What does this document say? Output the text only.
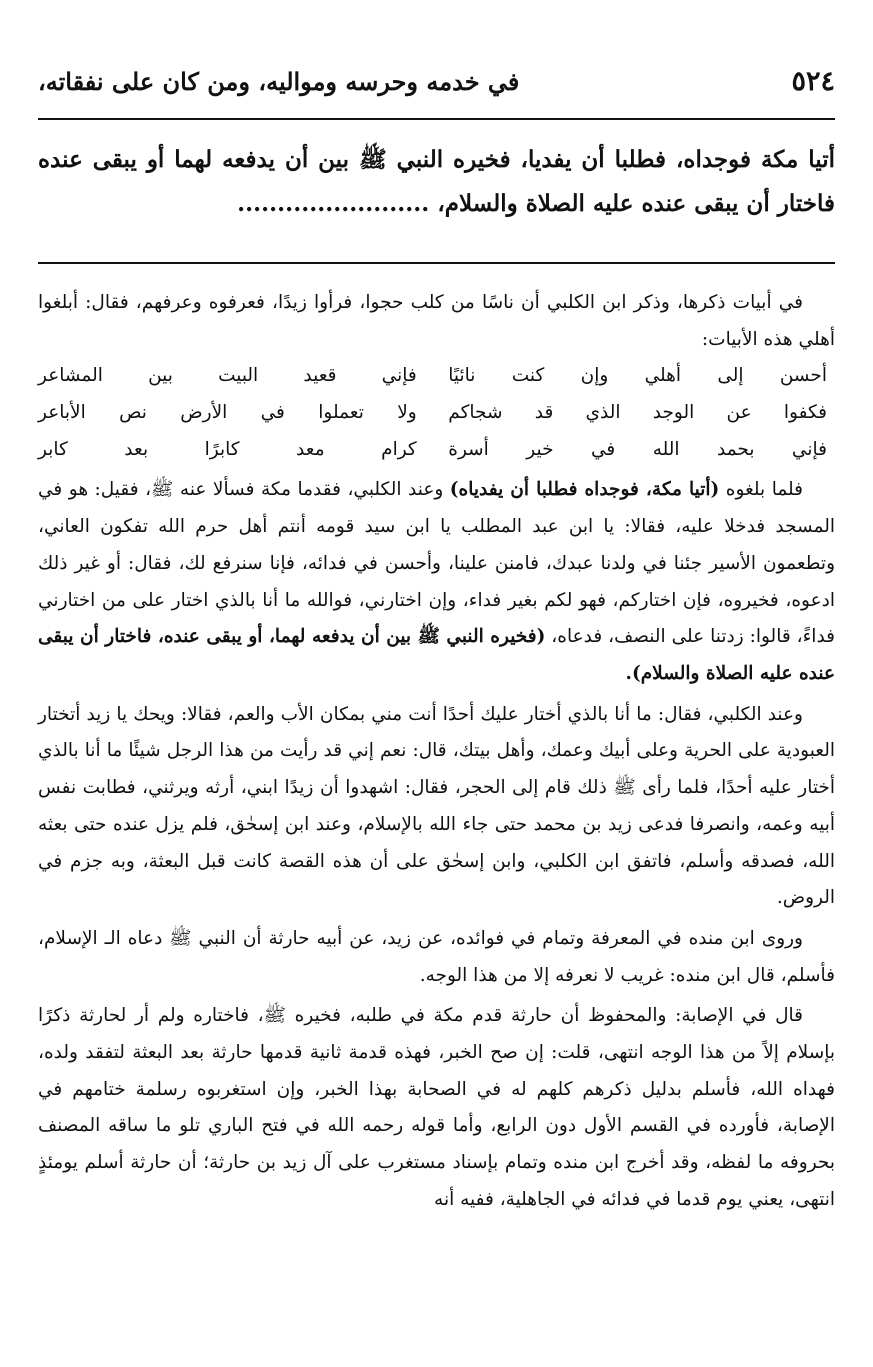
٥٢٤
في خدمه وحرسه ومواليه، ومن كان على نفقاته،
أتيا مكة فوجداه، فطلبا أن يفديا، فخيره النبي ﷺ بين أن يدفعه لهما أو يبقى عنده فاختار أن يبقى عنده عليه الصلاة والسلام، ........................

في أبيات ذكرها، وذكر ابن الكلبي أن ناسًا من كلب حجوا، فرأوا زيدًا، فعرفوه وعرفهم، فقال: أبلغوا أهلي هذه الأبيات:

أحسن إلى أهلي وإن كنت نائيًا
فإني قعيد البيت بين المشاعر
فكفوا عن الوجد الذي قد شجاكم
ولا تعملوا في الأرض نص الأباعر
فإني بحمد الله في خير أسرة
كرام معد كابرًا بعد كابر

فلما بلغوه (أتيا مكة، فوجداه فطلبا أن يفدياه) وعند الكلبي، فقدما مكة فسألا عنه ﷺ، فقيل: هو في المسجد فدخلا عليه، فقالا: يا ابن عبد المطلب يا ابن سيد قومه أنتم أهل حرم الله تفكون العاني، وتطعمون الأسير جئنا في ولدنا عبدك، فامنن علينا، وأحسن في فدائه، فإنا سنرفع لك، فقال: أو غير ذلك ادعوه، فخيروه، فإن اختاركم، فهو لكم بغير فداء، وإن اختارني، فوالله ما أنا بالذي اختار على من اختارني فداءً، قالوا: زدتنا على النصف، فدعاه، (فخيره النبي ﷺ بين أن يدفعه لهما، أو يبقى عنده، فاختار أن يبقى عنده عليه الصلاة والسلام).

وعند الكلبي، فقال: ما أنا بالذي أختار عليك أحدًا أنت مني بمكان الأب والعم، فقالا: ويحك يا زيد أتختار العبودية على الحرية وعلى أبيك وعمك، وأهل بيتك، قال: نعم إني قد رأيت من هذا الرجل شيئًا ما أنا بالذي أختار عليه أحدًا، فلما رأى ﷺ ذلك قام إلى الحجر، فقال: اشهدوا أن زيدًا ابني، أرثه ويرثني، فطابت نفس أبيه وعمه، وانصرفا فدعى زيد بن محمد حتى جاء الله بالإسلام، وعند ابن إسحٰق، فلم يزل عنده حتى بعثه الله، فصدقه وأسلم، فاتفق ابن الكلبي، وابن إسحٰق على أن هذه القصة كانت قبل البعثة، وبه جزم في الروض.

وروى ابن منده في المعرفة وتمام في فوائده، عن زيد، عن أبيه حارثة أن النبي ﷺ دعاه الـ الإسلام، فأسلم، قال ابن منده: غريب لا نعرفه إلا من هذا الوجه.

قال في الإصابة: والمحفوظ أن حارثة قدم مكة في طلبه، فخيره ﷺ، فاختاره ولم أر لحارثة ذكرًا بإسلام إلاً من هذا الوجه انتهى، قلت: إن صح الخبر، فهذه قدمة ثانية قدمها حارثة بعد البعثة لتفقد ولده، فهداه الله، فأسلم بدليل ذكرهم كلهم له في الصحابة بهذا الخبر، وإن استغربوه رسلمة ختامهم في الإصابة، فأورده في القسم الأول دون الرابع، وأما قوله رحمه الله في فتح الباري تلو ما ساقه المصنف بحروفه ما لفظه، وقد أخرج ابن منده وتمام بإسناد مستغرب على آل زيد بن حارثة؛ أن حارثة أسلم يومئذٍ انتهى، يعني يوم قدما في فدائه في الجاهلية، ففيه أنه
